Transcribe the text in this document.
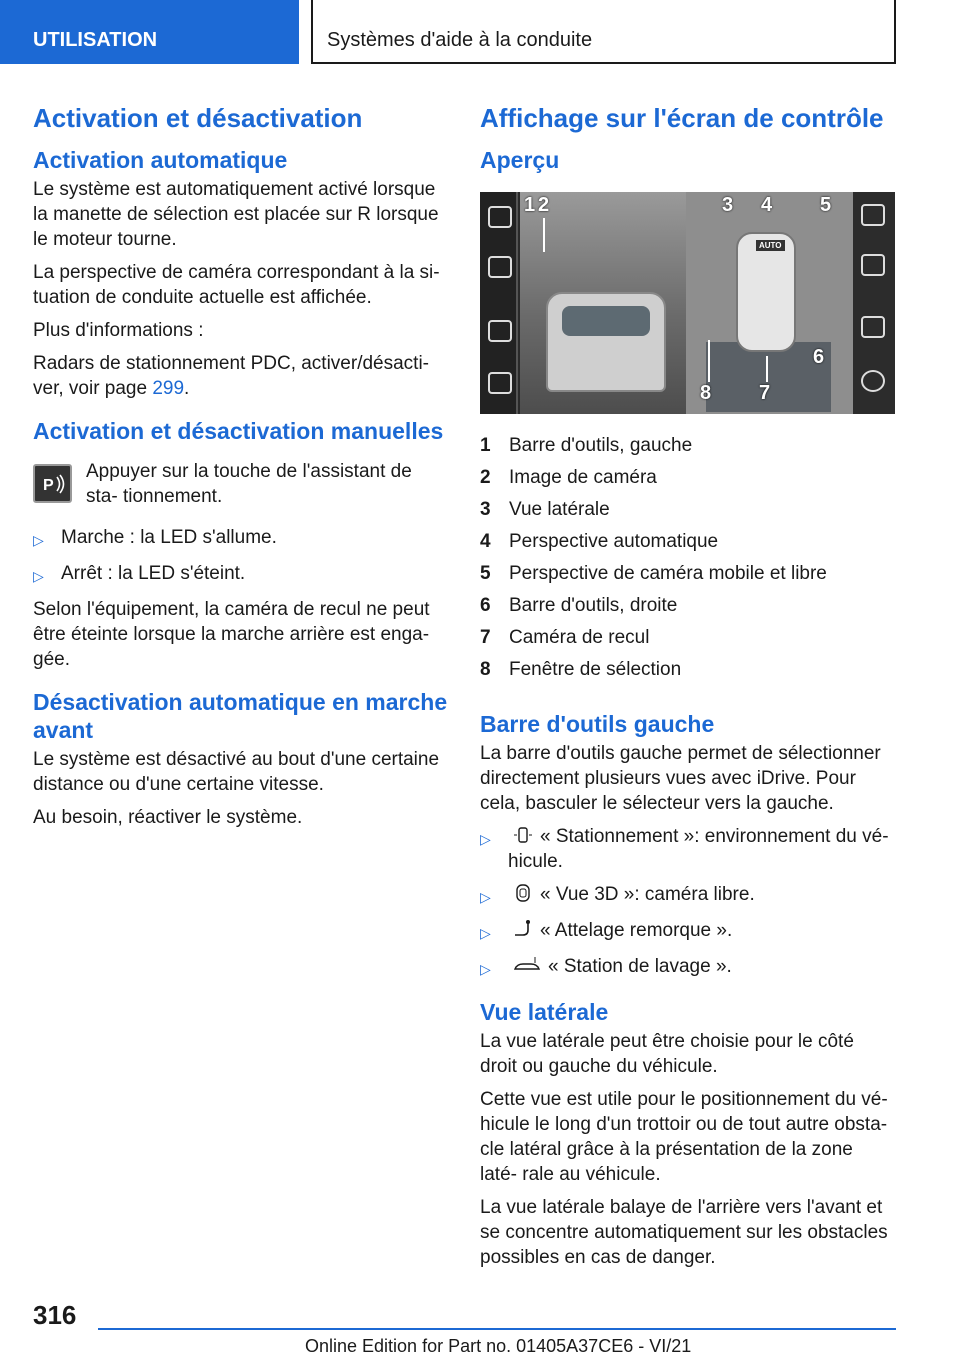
UTILISATION	Systèmes d'aide à la conduite
Activation et désactivation
Activation automatique

Le système est automatiquement activé lorsque la manette de sélection est placée sur R lorsque le moteur tourne.

La perspective de caméra correspondant à la si- tuation de conduite actuelle est affichée.

Plus d'informations :

Radars de stationnement PDC, activer/désacti- ver, voir page 299.

Activation et désactivation manuelles
P

Appuyer sur la touche de l'assistant de sta- tionnement.

▷ Marche : la LED s'allume.
▷ Arrêt : la LED s'éteint.

Selon l'équipement, la caméra de recul ne peut être éteinte lorsque la marche arrière est enga- gée.

Désactivation automatique en marche avant

Le système est désactivé au bout d'une certaine distance ou d'une certaine vitesse.

Au besoin, réactiver le système.

Affichage sur l'écran de contrôle
Aperçu
AUTO
1 2	3 4 5
6
7
8
1 Barre d'outils, gauche
2 Image de caméra
3 Vue latérale
4 Perspective automatique
5 Perspective de caméra mobile et libre
6 Barre d'outils, droite
7 Caméra de recul
8 Fenêtre de sélection
Barre d'outils gauche

La barre d'outils gauche permet de sélectionner directement plusieurs vues avec iDrive. Pour cela, basculer le sélecteur vers la gauche.

▷	« Stationnement »: environnement du vé- hicule.
▷	« Vue 3D »: caméra libre.
▷	« Attelage remorque ».
▷	« Station de lavage ».
Vue latérale

La vue latérale peut être choisie pour le côté droit ou gauche du véhicule.

Cette vue est utile pour le positionnement du vé- hicule le long d'un trottoir ou de tout autre obsta- cle latéral grâce à la présentation de la zone laté- rale au véhicule.

La vue latérale balaye de l'arrière vers l'avant et se concentre automatiquement sur les obstacles possibles en cas de danger.

316
Online Edition for Part no. 01405A37CE6 - VI/21
